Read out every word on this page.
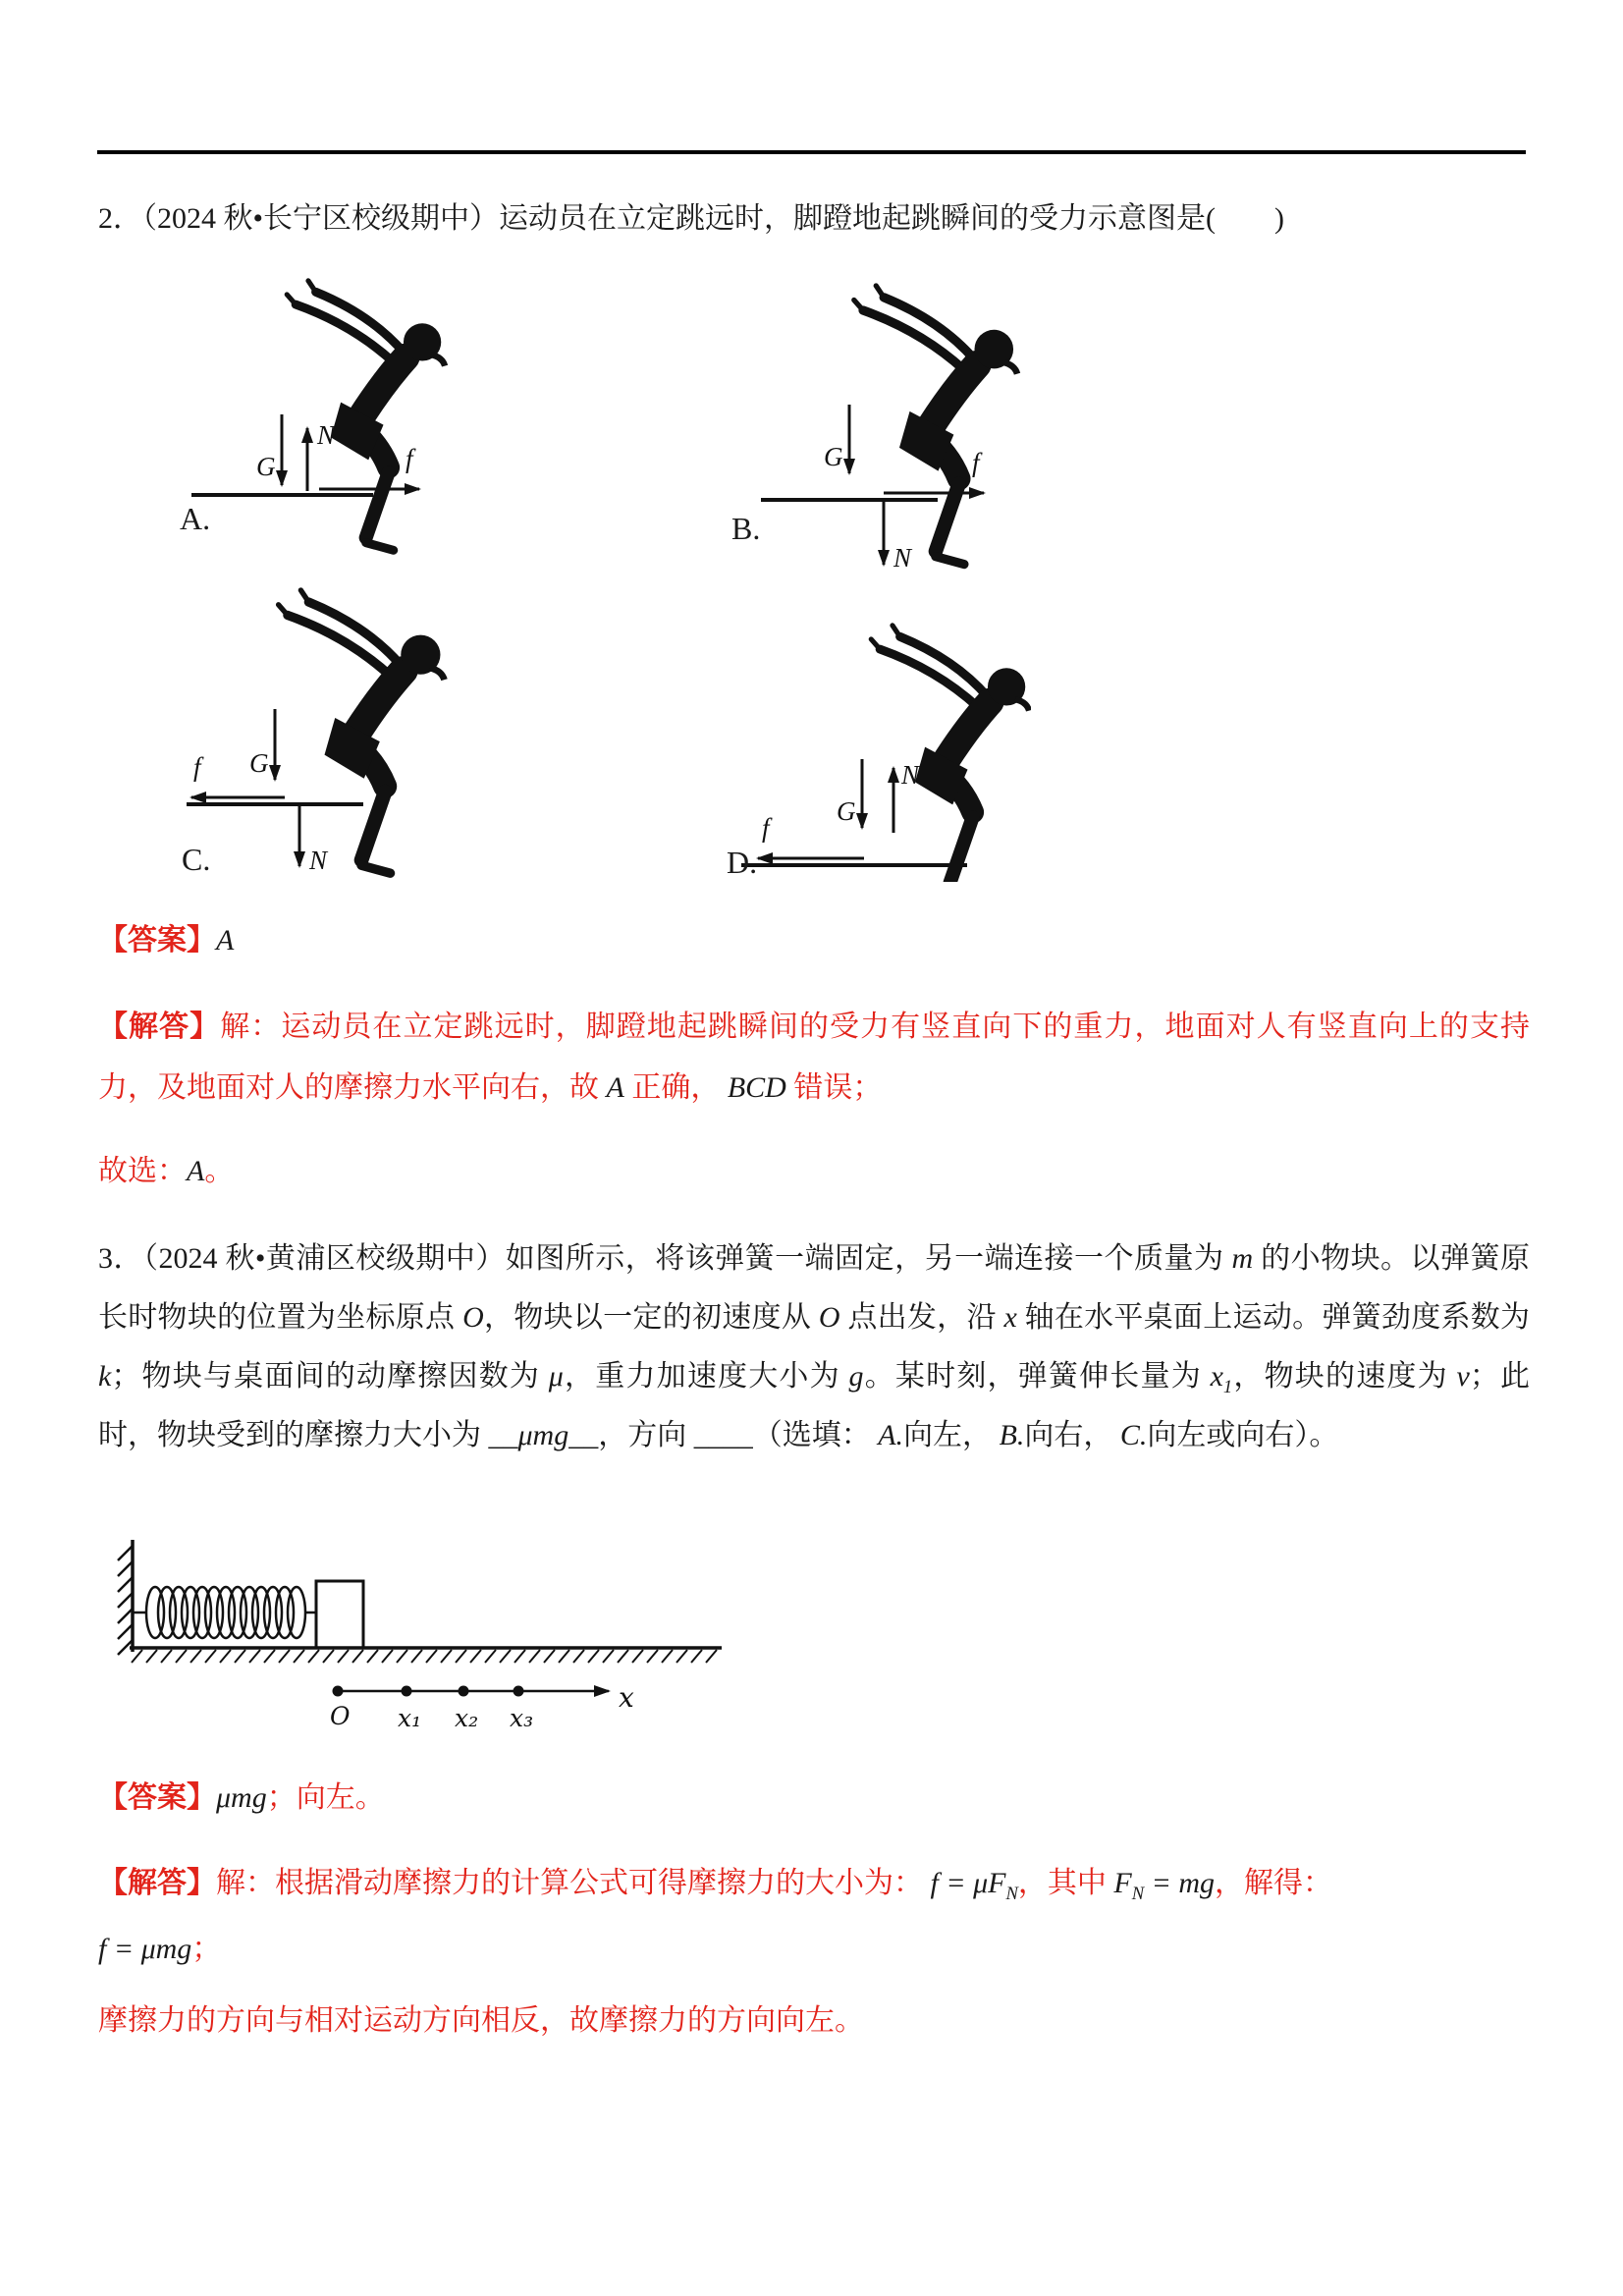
2．（2024 秋•长宁区校级期中）运动员在立定跳远时，脚蹬地起跳瞬间的受力示意图是(　　)

G
N
f
A.
G
N
f
B.
G
f
N
C.
G
N
f
D.

【答案】A

【解答】解：运动员在立定跳远时，脚蹬地起跳瞬间的受力有竖直向下的重力，地面对人有竖直向上的支持力，及地面对人的摩擦力水平向右，故 A 正确， BCD 错误；

故选：A。

3．（2024 秋•黄浦区校级期中）如图所示，将该弹簧一端固定，另一端连接一个质量为 m 的小物块。以弹簧原长时物块的位置为坐标原点 O，物块以一定的初速度从 O 点出发，沿 x 轴在水平桌面上运动。弹簧劲度系数为 k；物块与桌面间的动摩擦因数为 μ，重力加速度大小为 g。某时刻，弹簧伸长量为 $x_1$，物块的速度为 v；此时，物块受到的摩擦力大小为 __μmg__，方向 ____（选填： A.向左， B.向右， C.向左或向右）。

O x₁ x₂ x₃
x

【答案】μmg；向左。

【解答】解：根据滑动摩擦力的计算公式可得摩擦力的大小为： $f = \mu F_N$，其中 $F_N$ = mg，解得：

f = μmg；

摩擦力的方向与相对运动方向相反，故摩擦力的方向向左。
